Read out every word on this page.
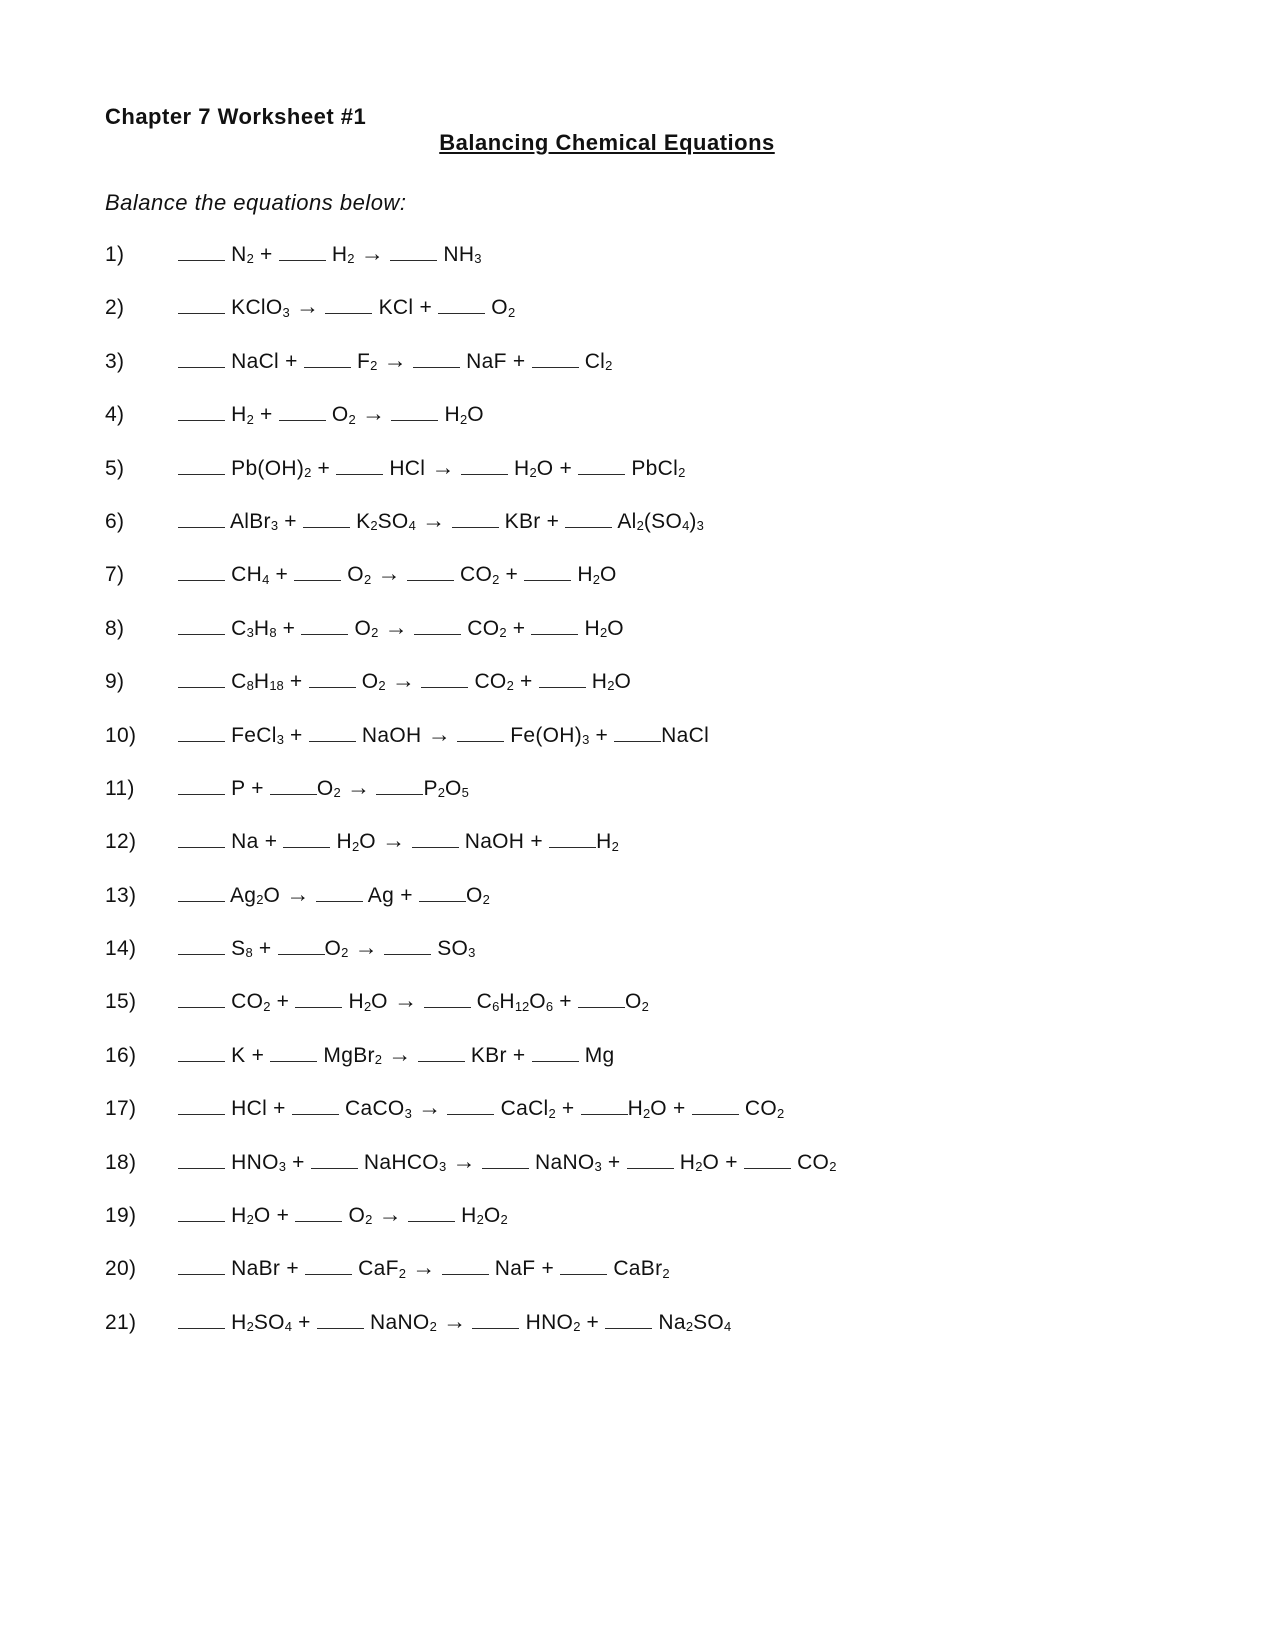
Chapter 7 Worksheet #1
Balancing Chemical Equations
Balance the equations below:
1)	$N_2 + H_2$ →	$NH_3$
2)	KClO$_3$ →	KCl +  $O_2$
3)	NaCl +  $F_2$ →	NaF +  $Cl_2$
4)	$H_2 + O_2$ →	$H_2O$
5)	$Pb(OH)_2$ +  HCl →	$H_2O$ +  PbCl$_2$
6)	AlBr$_3$ +  $K_2SO_4$ →	KBr +  $Al_2(SO_4)_3$
7)	$CH_4 + O_2$ →	$CO_2 + H_2O$
8)	$C_3H_8 + O_2$ →	$CO_2 + H_2O$
9)	$C_8H_{18} + O_2$ →	$CO_2 + H_2O$
10)	FeCl$_3$ +  NaOH →	$Fe(OH)_3$ + NaCl
11)	$P + O_2$ →	$P_2O_5$
12)	$Na + H_2O$ →	NaOH + $H_2$
13)	$Ag_2O$ →	$Ag + O_2$
14)	$S_8 + O_2$ →	$SO_3$
15)	$CO_2 + H_2O$ →	$C_6H_{12}O_6 + O_2$
16)	K +  MgBr$_2$ →	KBr +  Mg
17)	HCl +  CaCO$_3$ →	CaCl$_2$ + $H_2O + CO_2$
18)	$HNO_3$ +  NaHCO$_3$ →	NaNO$_3$ +  $H_2O + CO_2$
19)	$H_2O + O_2$ →	$H_2O_2$
20)	NaBr +  CaF$_2$ →	NaF +  CaBr$_2$
21)	$H_2SO_4$ +  NaNO$_2$ →	$HNO_2 + Na_2SO_4$
